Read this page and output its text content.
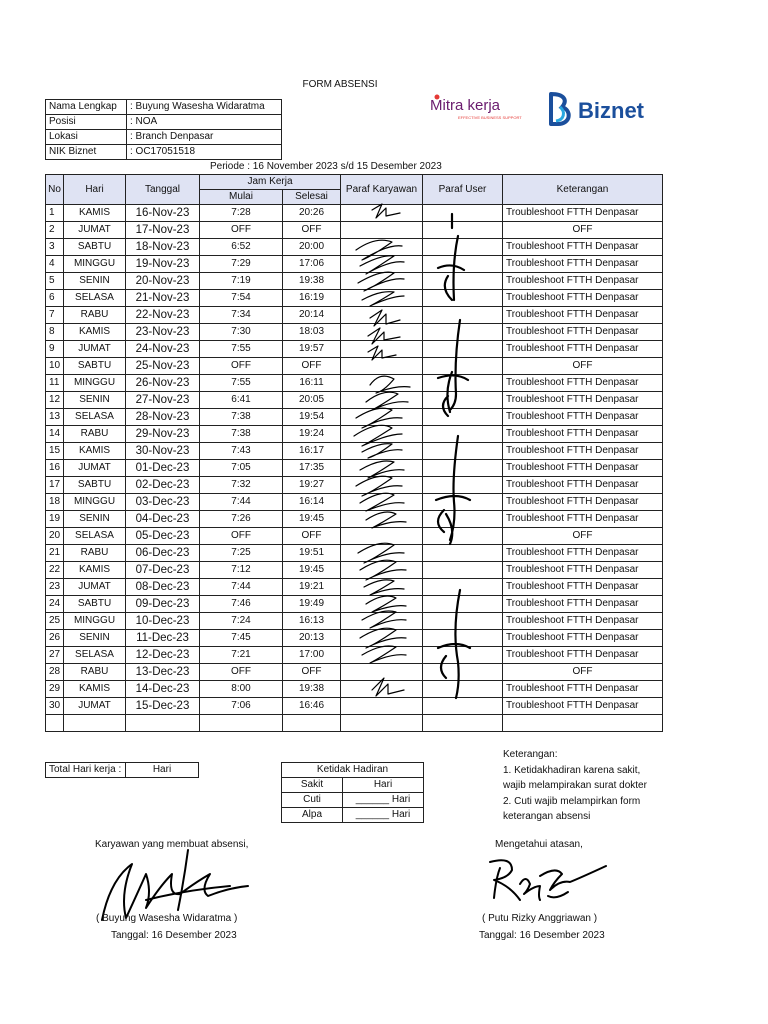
FORM ABSENSI
Nama Lengkap	: Buyung Wasesha Widaratma
Posisi	: NOA
Lokasi	: Branch Denpasar
NIK Biznet	: OC17051518
Mitra kerja
EFFECTIVE BUSINESS SUPPORT	Biznet
Periode : 16 November 2023 s/d 15 Desember 2023
No	Hari	Tanggal	Jam Kerja		Paraf Karyawan	Paraf User	Keterangan
			Mulai	Selesai			
1	KAMIS	16-Nov-23	7:28	20:26			Troubleshoot FTTH Denpasar
2	JUMAT	17-Nov-23	OFF	OFF			OFF
3	SABTU	18-Nov-23	6:52	20:00			Troubleshoot FTTH Denpasar
4	MINGGU	19-Nov-23	7:29	17:06			Troubleshoot FTTH Denpasar
5	SENIN	20-Nov-23	7:19	19:38			Troubleshoot FTTH Denpasar
6	SELASA	21-Nov-23	7:54	16:19			Troubleshoot FTTH Denpasar
7	RABU	22-Nov-23	7:34	20:14			Troubleshoot FTTH Denpasar
8	KAMIS	23-Nov-23	7:30	18:03			Troubleshoot FTTH Denpasar
9	JUMAT	24-Nov-23	7:55	19:57			Troubleshoot FTTH Denpasar
10	SABTU	25-Nov-23	OFF	OFF			OFF
11	MINGGU	26-Nov-23	7:55	16:11			Troubleshoot FTTH Denpasar
12	SENIN	27-Nov-23	6:41	20:05			Troubleshoot FTTH Denpasar
13	SELASA	28-Nov-23	7:38	19:54			Troubleshoot FTTH Denpasar
14	RABU	29-Nov-23	7:38	19:24			Troubleshoot FTTH Denpasar
15	KAMIS	30-Nov-23	7:43	16:17			Troubleshoot FTTH Denpasar
16	JUMAT	01-Dec-23	7:05	17:35			Troubleshoot FTTH Denpasar
17	SABTU	02-Dec-23	7:32	19:27			Troubleshoot FTTH Denpasar
18	MINGGU	03-Dec-23	7:44	16:14			Troubleshoot FTTH Denpasar
19	SENIN	04-Dec-23	7:26	19:45			Troubleshoot FTTH Denpasar
20	SELASA	05-Dec-23	OFF	OFF			OFF
21	RABU	06-Dec-23	7:25	19:51			Troubleshoot FTTH Denpasar
22	KAMIS	07-Dec-23	7:12	19:45			Troubleshoot FTTH Denpasar
23	JUMAT	08-Dec-23	7:44	19:21			Troubleshoot FTTH Denpasar
24	SABTU	09-Dec-23	7:46	19:49			Troubleshoot FTTH Denpasar
25	MINGGU	10-Dec-23	7:24	16:13			Troubleshoot FTTH Denpasar
26	SENIN	11-Dec-23	7:45	20:13			Troubleshoot FTTH Denpasar
27	SELASA	12-Dec-23	7:21	17:00			Troubleshoot FTTH Denpasar
28	RABU	13-Dec-23	OFF	OFF			OFF
29	KAMIS	14-Dec-23	8:00	19:38			Troubleshoot FTTH Denpasar
30	JUMAT	15-Dec-23	7:06	16:46			Troubleshoot FTTH Denpasar

Total Hari kerja :	Hari	Ketidak Hadiran	
Sakit	Hari
Cuti	______ Hari
Alpa	______ Hari
Keterangan:
1. Ketidakhadiran karena sakit,
wajib melampirakan surat dokter
2. Cuti wajib melampirkan form
keterangan absensi
Karyawan yang membuat absensi,	Mengetahui atasan,
( Buyung Wasesha Widaratma )
Tanggal: 16 Desember 2023
( Putu Rizky Anggriawan )
Tanggal: 16 Desember 2023
